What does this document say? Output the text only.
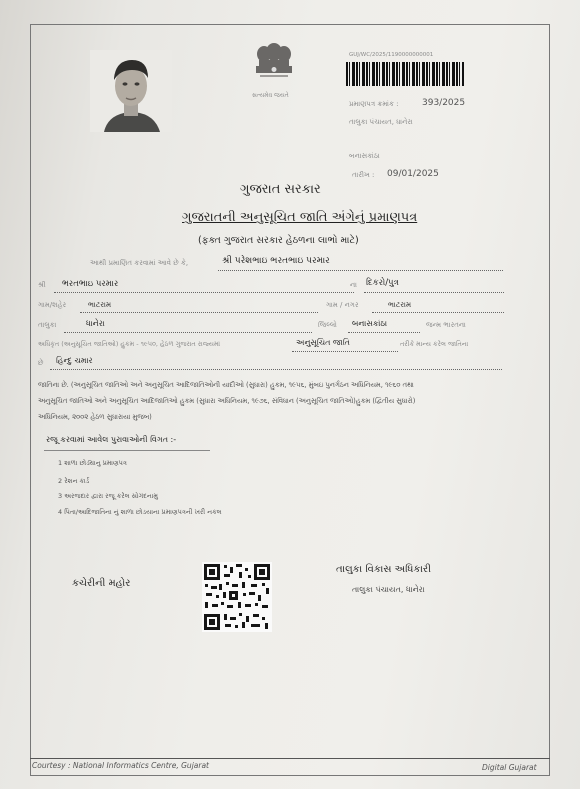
સત્યમેવ જયતે
GUJ/WC/2025/1190000000001
પ્રમાણપત્ર ક્રમાંક :	393/2025
તાલુકા પંચાયત, ધાનેરા
બનાસકાંઠા
તારીખ : 09/01/2025
ગુજરાત સરકાર
ગુજરાતની અનુસૂચિત જાતિ અંગેનું પ્રમાણપત્ર
(ફક્ત ગુજરાત સરકાર હેઠળના લાભો માટે)
આથી પ્રમાણિત કરવામાં આવે છે કે,	શ્રી પરેશભાઇ ભરતભાઇ પરમાર
શ્રી ભરતભાઇ પરમાર	ના દિકરો/પુત્ર
ગામ/શહેર	ભાટરામ	ગામ / નગર	ભાટરામ
તાલુકા	ધાનેરા	જિલ્લો બનાસકાંઠા	જન્મ ભારતના
અધિકૃત (અનુસૂચિત જાતિઓ) હુકમ - ૧૯૫૦, હેઠળ ગુજરાત રાજ્યમાં	અનુસૂચિત જાતિ	તરીકે માન્ય કરેલ જાતિના
છે હિન્દુ ચમાર
જાતિના છે. (અનુસૂચિત જાતિઓ અને અનુસૂચિત આદિજાતિઓની યાદીઓ (સુધારા) હુકમ, ૧૯૫૬, મુંબઇ પુનર્ગઠન અધિનિયમ, ૧૯૬૦ તથા
અનુસૂચિત જાતિઓ અને અનુસૂચિત આદિજાતિઓ હુકમ (સુધારા અધિનિયમ, ૧૯૭૬, સંવિધાન (અનુસૂચિત જાતિઓ)હુકમ (દ્વિતીય સુધારો)
અધિનિયમ, ૨૦૦૨ હેઠળ સુધારાયા મુજબ)
રજૂ કરવામાં આવેલ પુરાવાઓની વિગત :-
1 શાળા છોડ્યાનુ પ્રમાણપત્ર
2 રેશન કાર્ડ
3 અરજદાર દ્વારા રજૂ કરેલ સોગંદનામુ
4 પિતા/આદિજાતિના નું શાળા છોડયાના પ્રમાણપત્રની ખરી નકલ
કચેરીની મહોર
તાલુકા વિકાસ અધિકારી
તાલુકા પંચાયત, ધાનેરા
Courtesy : National Informatics Centre, Gujarat	Digital Gujarat
